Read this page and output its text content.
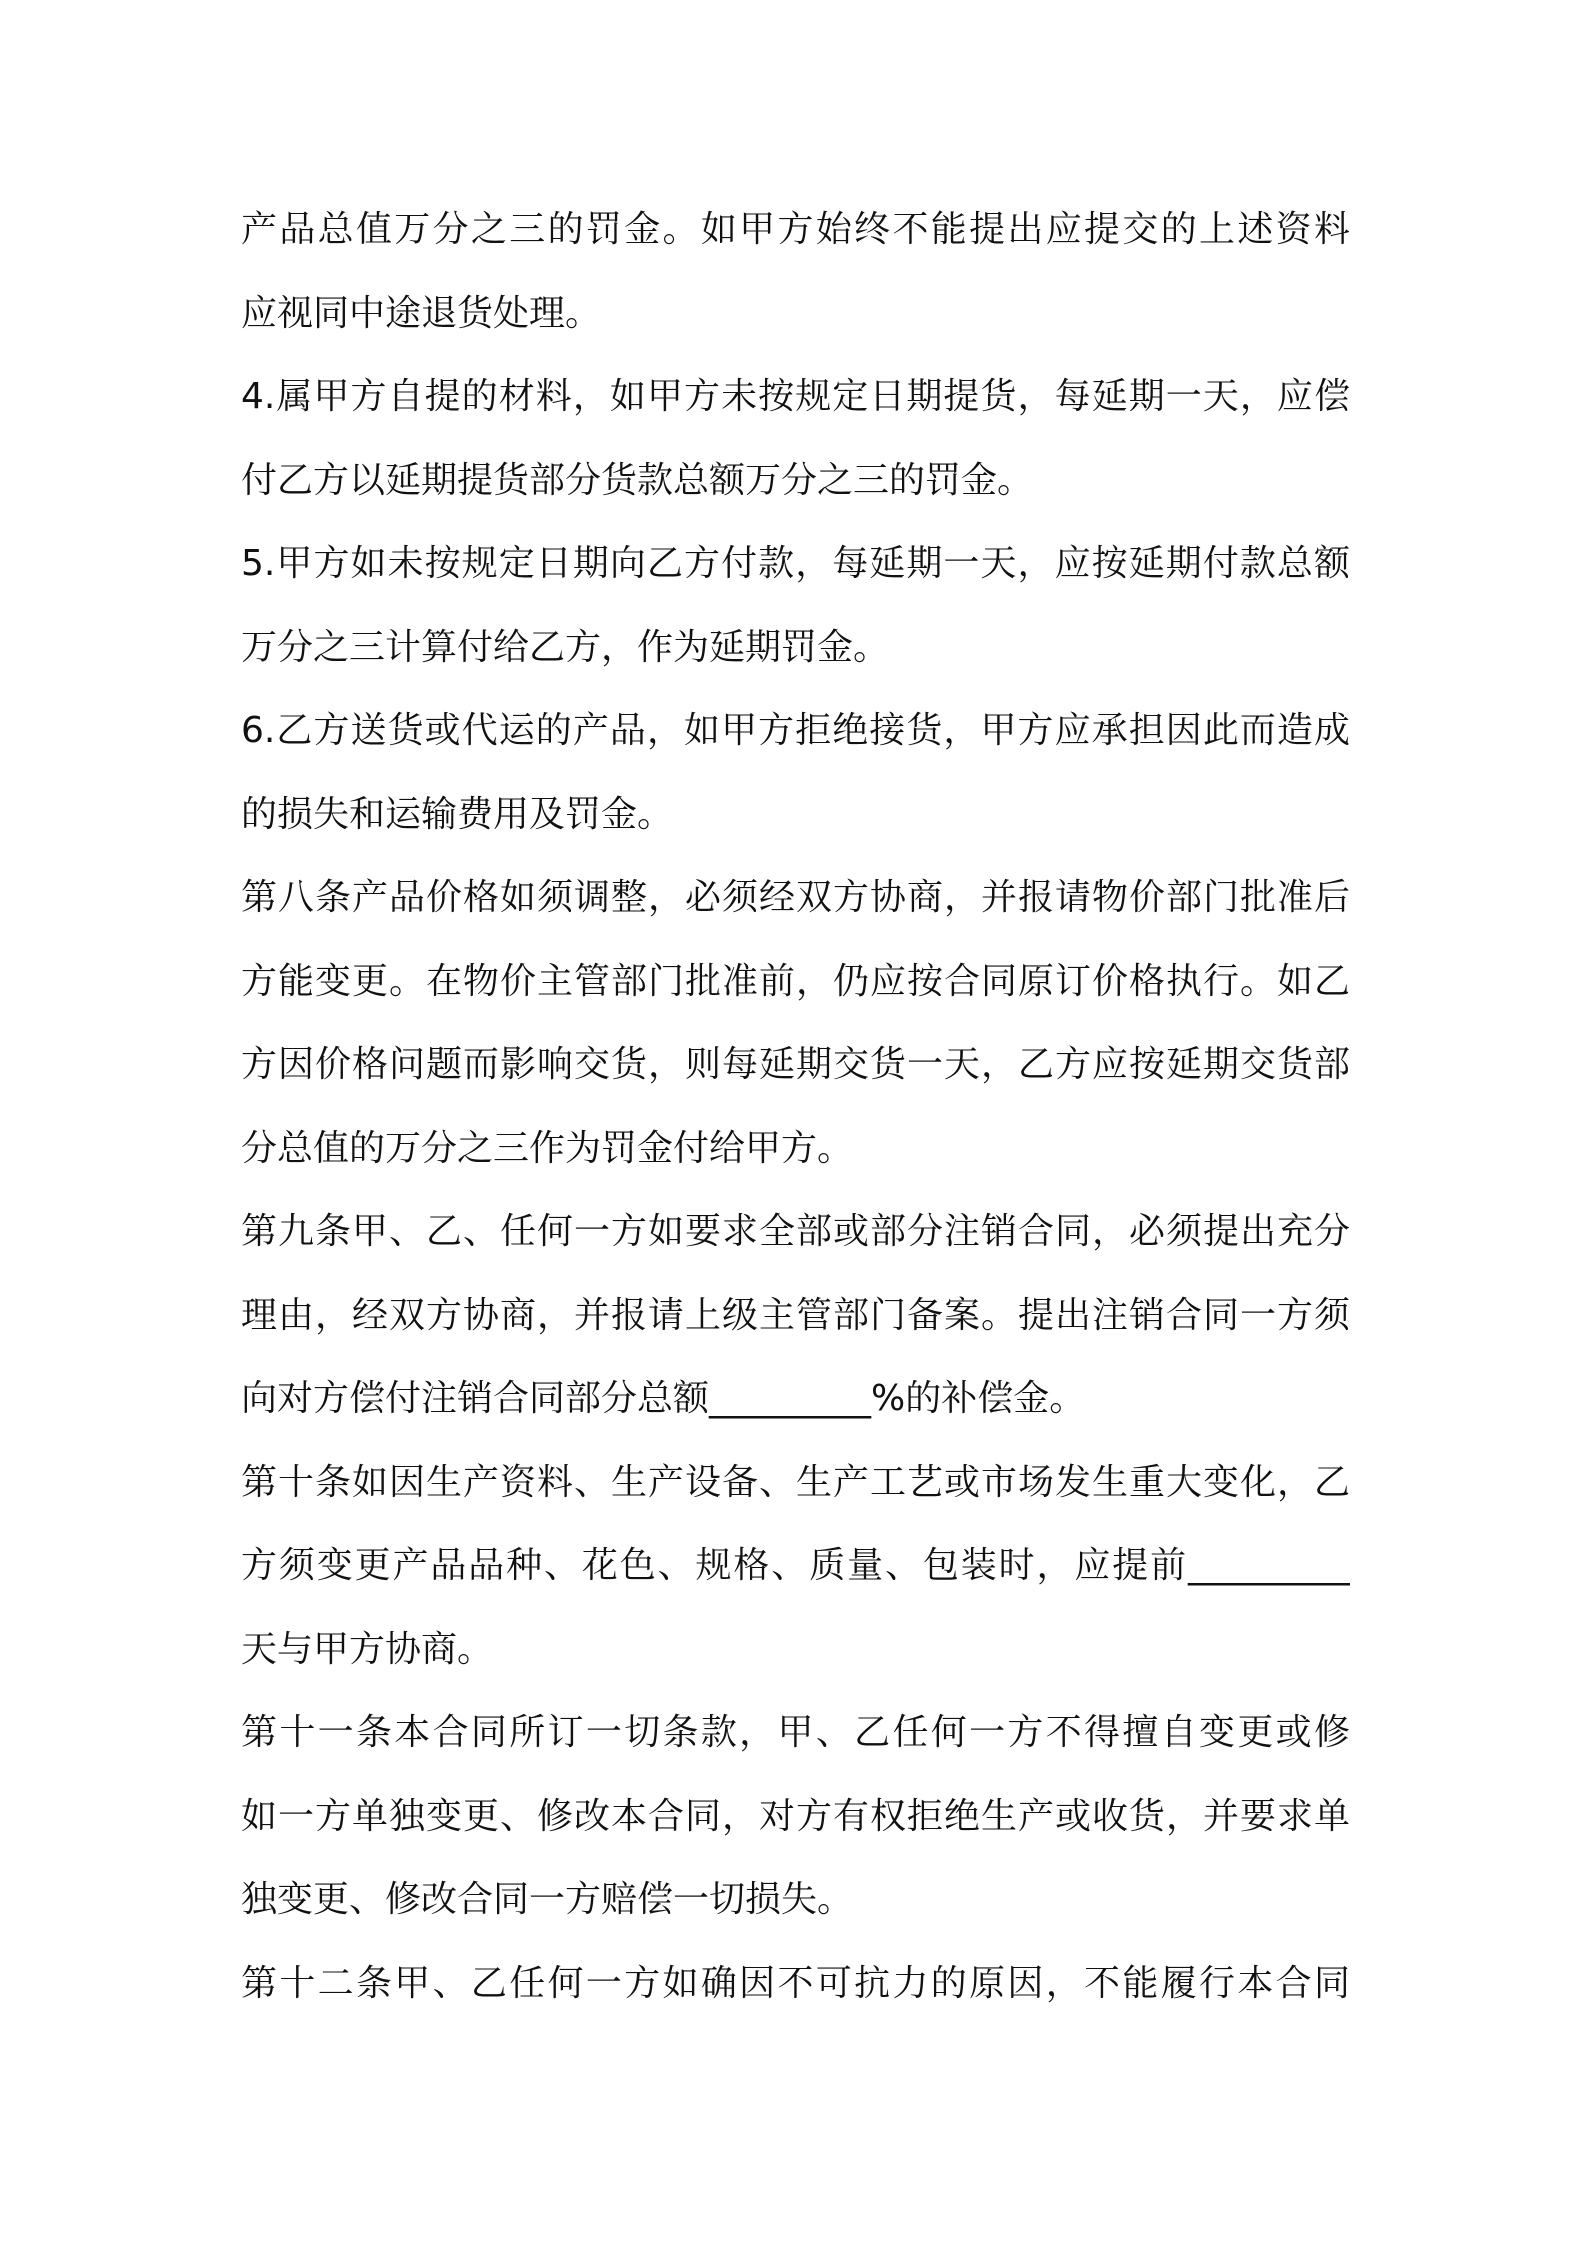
产品总值万分之三的罚金。如甲方始终不能提出应提交的上述资料
应视同中途退货处理。
4.属甲方自提的材料，如甲方未按规定日期提货，每延期一天，应偿
付乙方以延期提货部分货款总额万分之三的罚金。
5.甲方如未按规定日期向乙方付款，每延期一天，应按延期付款总额
万分之三计算付给乙方，作为延期罚金。
6.乙方送货或代运的产品，如甲方拒绝接货，甲方应承担因此而造成
的损失和运输费用及罚金。
第八条产品价格如须调整，必须经双方协商，并报请物价部门批准后
方能变更。在物价主管部门批准前，仍应按合同原订价格执行。如乙
方因价格问题而影响交货，则每延期交货一天，乙方应按延期交货部
分总值的万分之三作为罚金付给甲方。
第九条甲、乙、任何一方如要求全部或部分注销合同，必须提出充分
理由，经双方协商，并报请上级主管部门备案。提出注销合同一方须
向对方偿付注销合同部分总额_________%的补偿金。
第十条如因生产资料、生产设备、生产工艺或市场发生重大变化，乙
方须变更产品品种、花色、规格、质量、包装时，应提前_________
天与甲方协商。
第十一条本合同所订一切条款，甲、乙任何一方不得擅自变更或修
如一方单独变更、修改本合同，对方有权拒绝生产或收货，并要求单
独变更、修改合同一方赔偿一切损失。
第十二条甲、乙任何一方如确因不可抗力的原因，不能履行本合同
